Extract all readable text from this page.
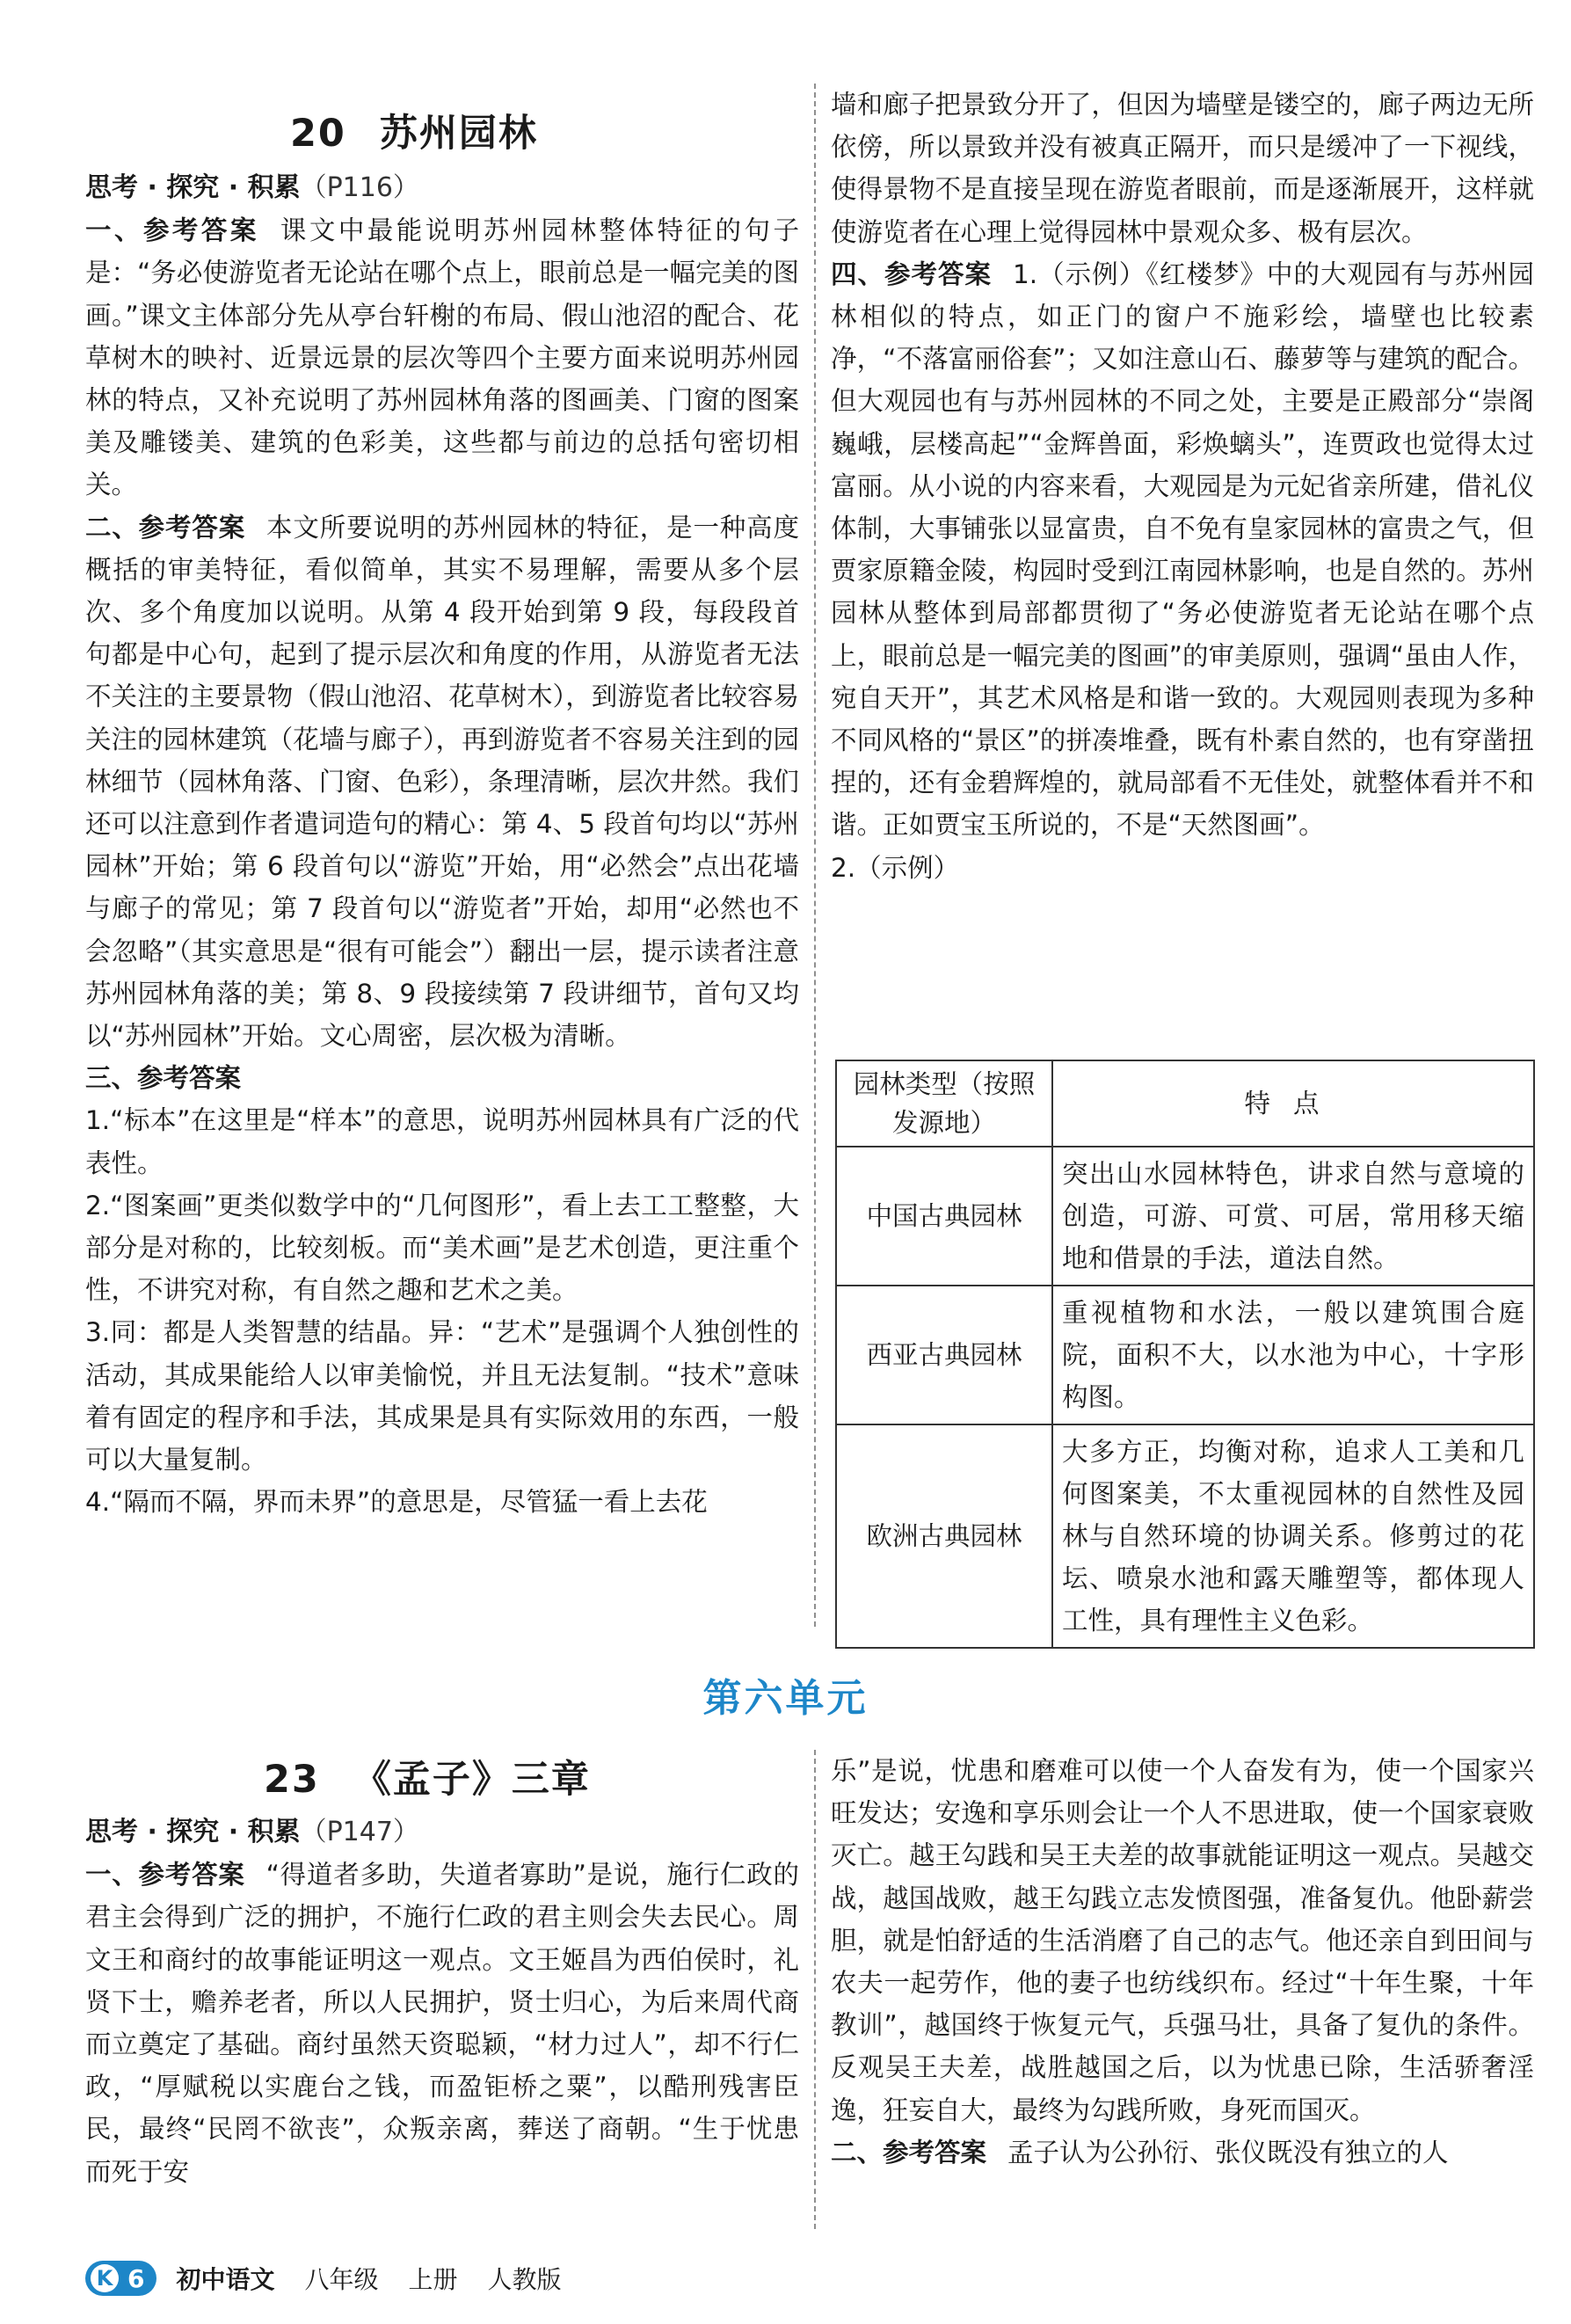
20 苏州园林

思考 · 探究 · 积累（P116）

一、参考答案 课文中最能说明苏州园林整体特征的句子是：“务必使游览者无论站在哪个点上，眼前总是一幅完美的图画。”课文主体部分先从亭台轩榭的布局、假山池沼的配合、花草树木的映衬、近景远景的层次等四个主要方面来说明苏州园林的特点，又补充说明了苏州园林角落的图画美、门窗的图案美及雕镂美、建筑的色彩美，这些都与前边的总括句密切相关。

二、参考答案 本文所要说明的苏州园林的特征，是一种高度概括的审美特征，看似简单，其实不易理解，需要从多个层次、多个角度加以说明。从第 4 段开始到第 9 段，每段段首句都是中心句，起到了提示层次和角度的作用，从游览者无法不关注的主要景物（假山池沼、花草树木），到游览者比较容易关注的园林建筑（花墙与廊子），再到游览者不容易关注到的园林细节（园林角落、门窗、色彩），条理清晰，层次井然。我们还可以注意到作者遣词造句的精心：第 4、5 段首句均以“苏州园林”开始；第 6 段首句以“游览”开始，用“必然会”点出花墙与廊子的常见；第 7 段首句以“游览者”开始，却用“必然也不会忽略”（其实意思是“很有可能会”）翻出一层，提示读者注意苏州园林角落的美；第 8、9 段接续第 7 段讲细节，首句又均以“苏州园林”开始。文心周密，层次极为清晰。

三、参考答案

1.“标本”在这里是“样本”的意思，说明苏州园林具有广泛的代表性。

2.“图案画”更类似数学中的“几何图形”，看上去工工整整，大部分是对称的，比较刻板。而“美术画”是艺术创造，更注重个性，不讲究对称，有自然之趣和艺术之美。

3.同：都是人类智慧的结晶。异：“艺术”是强调个人独创性的活动，其成果能给人以审美愉悦，并且无法复制。“技术”意味着有固定的程序和手法，其成果是具有实际效用的东西，一般可以大量复制。

4.“隔而不隔，界而未界”的意思是，尽管猛一看上去花

墙和廊子把景致分开了，但因为墙壁是镂空的，廊子两边无所依傍，所以景致并没有被真正隔开，而只是缓冲了一下视线，使得景物不是直接呈现在游览者眼前，而是逐渐展开，这样就使游览者在心理上觉得园林中景观众多、极有层次。

四、参考答案 1.（示例）《红楼梦》中的大观园有与苏州园林相似的特点，如正门的窗户不施彩绘，墙壁也比较素净，“不落富丽俗套”；又如注意山石、藤萝等与建筑的配合。但大观园也有与苏州园林的不同之处，主要是正殿部分“崇阁巍峨，层楼高起”“金辉兽面，彩焕螭头”，连贾政也觉得太过富丽。从小说的内容来看，大观园是为元妃省亲所建，借礼仪体制，大事铺张以显富贵，自不免有皇家园林的富贵之气，但贾家原籍金陵，构园时受到江南园林影响，也是自然的。苏州园林从整体到局部都贯彻了“务必使游览者无论站在哪个点上，眼前总是一幅完美的图画”的审美原则，强调“虽由人作，宛自天开”，其艺术风格是和谐一致的。大观园则表现为多种不同风格的“景区”的拼凑堆叠，既有朴素自然的，也有穿凿扭捏的，还有金碧辉煌的，就局部看不无佳处，就整体看并不和谐。正如贾宝玉所说的，不是“天然图画”。

2.（示例）

园林类型（按照发源地）	特点
中国古典园林	突出山水园林特色，讲求自然与意境的创造，可游、可赏、可居，常用移天缩地和借景的手法，道法自然。
西亚古典园林	重视植物和水法，一般以建筑围合庭院，面积不大，以水池为中心，十字形构图。
欧洲古典园林	大多方正，均衡对称，追求人工美和几何图案美，不太重视园林的自然性及园林与自然环境的协调关系。修剪过的花坛、喷泉水池和露天雕塑等，都体现人工性，具有理性主义色彩。
第六单元
23 《孟子》三章

思考 · 探究 · 积累（P147）

一、参考答案 “得道者多助，失道者寡助”是说，施行仁政的君主会得到广泛的拥护，不施行仁政的君主则会失去民心。周文王和商纣的故事能证明这一观点。文王姬昌为西伯侯时，礼贤下士，赡养老者，所以人民拥护，贤士归心，为后来周代商而立奠定了基础。商纣虽然天资聪颖，“材力过人”，却不行仁政，“厚赋税以实鹿台之钱，而盈钜桥之粟”，以酷刑残害臣民，最终“民罔不欲丧”，众叛亲离，葬送了商朝。“生于忧患而死于安

乐”是说，忧患和磨难可以使一个人奋发有为，使一个国家兴旺发达；安逸和享乐则会让一个人不思进取，使一个国家衰败灭亡。越王勾践和吴王夫差的故事就能证明这一观点。吴越交战，越国战败，越王勾践立志发愤图强，准备复仇。他卧薪尝胆，就是怕舒适的生活消磨了自己的志气。他还亲自到田间与农夫一起劳作，他的妻子也纺线织布。经过“十年生聚，十年教训”，越国终于恢复元气，兵强马壮，具备了复仇的条件。反观吴王夫差，战胜越国之后，以为忧患已除，生活骄奢淫逸，狂妄自大，最终为勾践所败，身死而国灭。

二、参考答案 孟子认为公孙衍、张仪既没有独立的人

K 6 初中语文 八年级 上册 人教版
